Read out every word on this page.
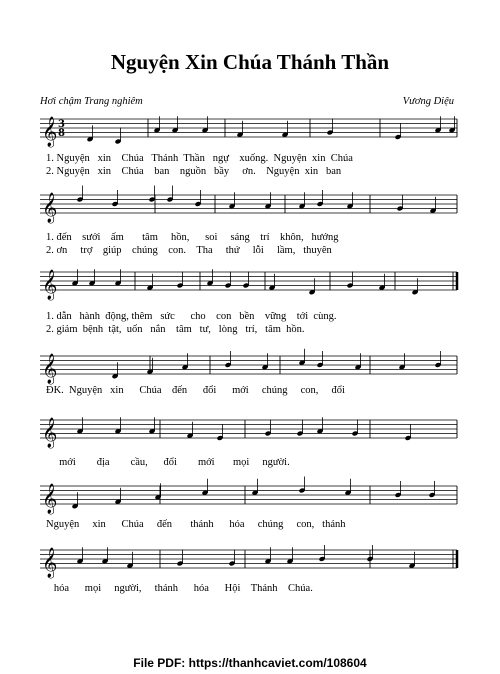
Nguyện Xin Chúa Thánh Thần
Hơi chậm Trang nghiêm	Vương Diệu
𝄞
𝄞
𝄞
𝄞
𝄞
𝄞
𝄞
3
8
1. Nguyện   xin    Chúa   Thánh  Thần   ngự    xuống.  Nguyện  xin  Chúa
2. Nguyện   xin    Chúa    ban    nguồn   bầy     ơn.    Nguyện  xin   ban
1. đến    sưởi    ấm       tâm     hồn,      soi     sáng    trí    khôn,   hướng
2. ơn     trợ    giúp    chúng    con.    Tha     thứ     lỗi     lầm,   thuyên
1. dẫn   hành  động, thêm   sức      cho    con   bền    vững    tới  cùng.
2. giảm  bệnh  tật,  uốn   nắn    tâm   tư,   lòng   trí,   tâm  hồn.
ĐK.  Nguyện   xin      Chúa    đến      đổi      mới     chúng     con,     đổi
mới        địa        cầu,      đổi        mới       mọi     người.
Nguyện     xin      Chúa     đến       thánh      hóa     chúng     con,   thánh
hóa      mọi     người,     thánh      hóa      Hội    Thánh    Chúa.
File PDF: https://thanhcaviet.com/108604
